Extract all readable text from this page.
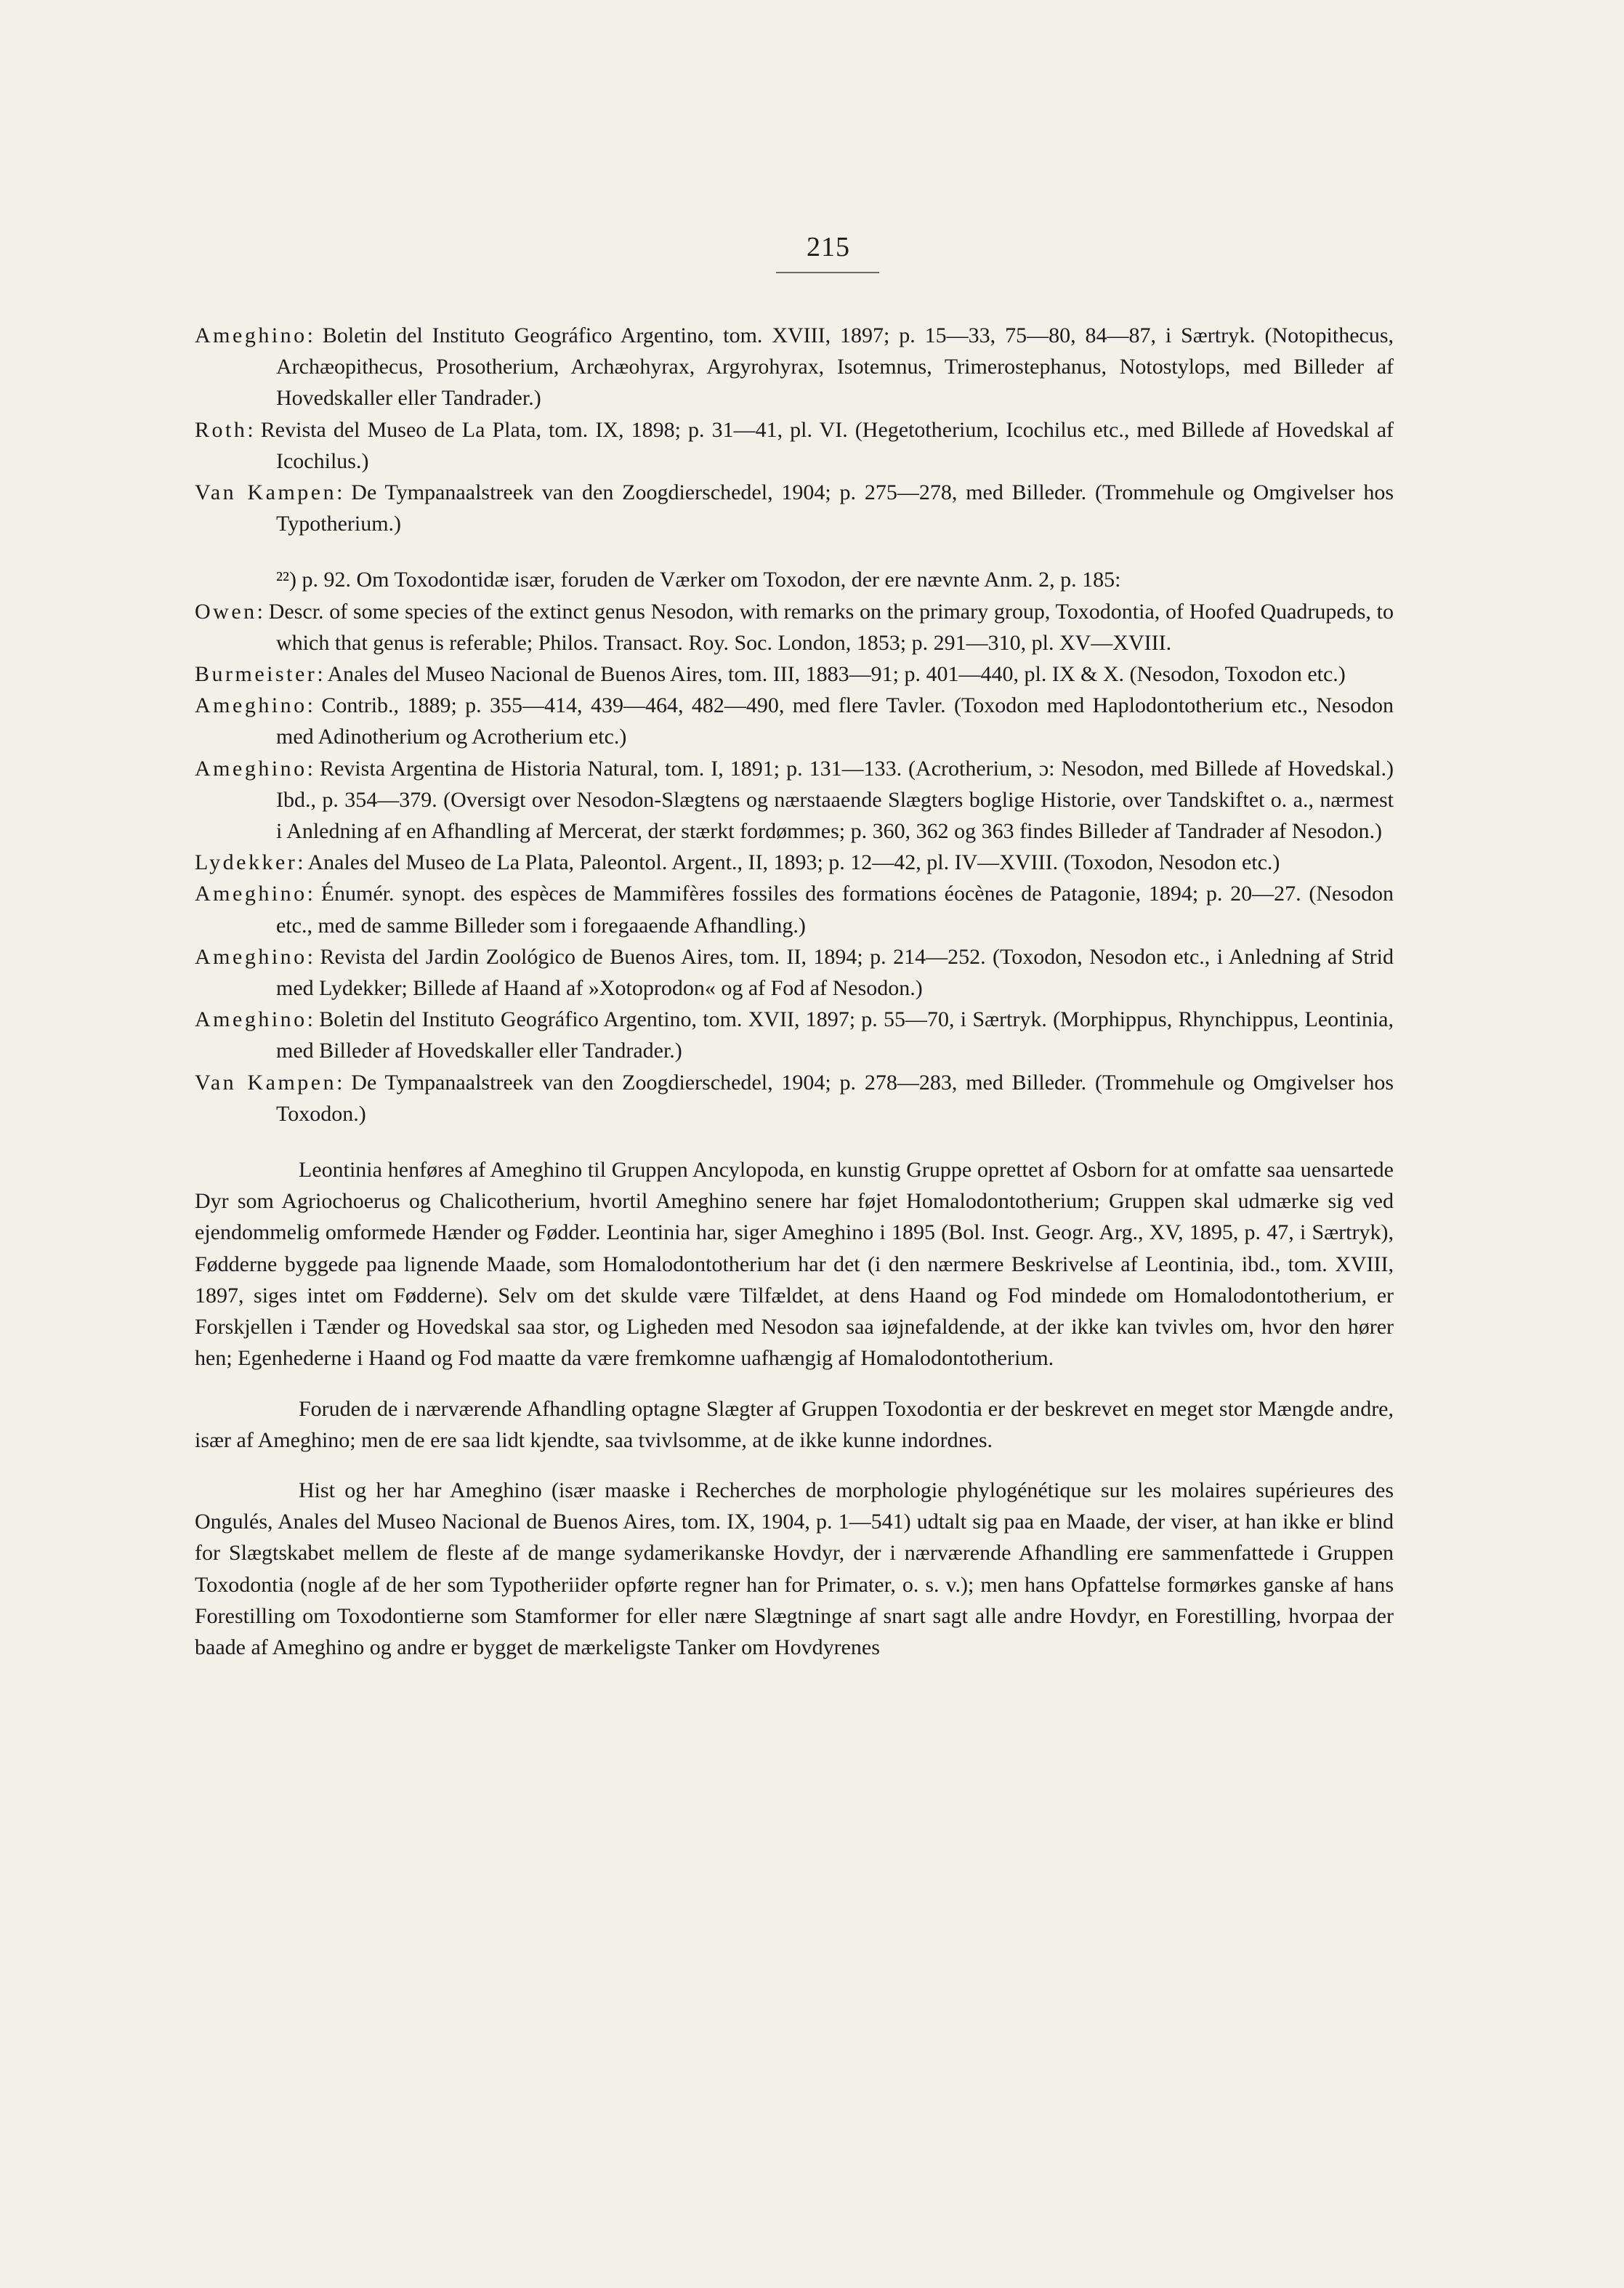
215

Ameghino: Boletin del Instituto Geográfico Argentino, tom. XVIII, 1897; p. 15—33, 75—80, 84—87, i Særtryk. (Notopithecus, Archæopithecus, Prosotherium, Archæohyrax, Argyrohyrax, Isotemnus, Trimerostephanus, Notostylops, med Billeder af Hovedskaller eller Tandrader.)

Roth: Revista del Museo de La Plata, tom. IX, 1898; p. 31—41, pl. VI. (Hegetotherium, Icochilus etc., med Billede af Hovedskal af Icochilus.)

Van Kampen: De Tympanaalstreek van den Zoogdierschedel, 1904; p. 275—278, med Billeder. (Trommehule og Omgivelser hos Typotherium.)

²²) p. 92. Om Toxodontidæ især, foruden de Værker om Toxodon, der ere nævnte Anm. 2, p. 185:

Owen: Descr. of some species of the extinct genus Nesodon, with remarks on the primary group, Toxodontia, of Hoofed Quadrupeds, to which that genus is referable; Philos. Transact. Roy. Soc. London, 1853; p. 291—310, pl. XV—XVIII.

Burmeister: Anales del Museo Nacional de Buenos Aires, tom. III, 1883—91; p. 401—440, pl. IX & X. (Nesodon, Toxodon etc.)

Ameghino: Contrib., 1889; p. 355—414, 439—464, 482—490, med flere Tavler. (Toxodon med Haplodontotherium etc., Nesodon med Adinotherium og Acrotherium etc.)

Ameghino: Revista Argentina de Historia Natural, tom. I, 1891; p. 131—133. (Acrotherium, ɔ: Nesodon, med Billede af Hovedskal.) Ibd., p. 354—379. (Oversigt over Nesodon-Slægtens og nærstaaende Slægters boglige Historie, over Tandskiftet o. a., nærmest i Anledning af en Afhandling af Mercerat, der stærkt fordømmes; p. 360, 362 og 363 findes Billeder af Tandrader af Nesodon.)

Lydekker: Anales del Museo de La Plata, Paleontol. Argent., II, 1893; p. 12—42, pl. IV—XVIII. (Toxodon, Nesodon etc.)

Ameghino: Énumér. synopt. des espèces de Mammifères fossiles des formations éocènes de Patagonie, 1894; p. 20—27. (Nesodon etc., med de samme Billeder som i foregaaende Afhandling.)

Ameghino: Revista del Jardin Zoológico de Buenos Aires, tom. II, 1894; p. 214—252. (Toxodon, Nesodon etc., i Anledning af Strid med Lydekker; Billede af Haand af »Xotoprodon« og af Fod af Nesodon.)

Ameghino: Boletin del Instituto Geográfico Argentino, tom. XVII, 1897; p. 55—70, i Særtryk. (Morphippus, Rhynchippus, Leontinia, med Billeder af Hovedskaller eller Tandrader.)

Van Kampen: De Tympanaalstreek van den Zoogdierschedel, 1904; p. 278—283, med Billeder. (Trommehule og Omgivelser hos Toxodon.)

Leontinia henføres af Ameghino til Gruppen Ancylopoda, en kunstig Gruppe oprettet af Osborn for at omfatte saa uensartede Dyr som Agriochoerus og Chalicotherium, hvortil Ameghino senere har føjet Homalodontotherium; Gruppen skal udmærke sig ved ejendommelig omformede Hænder og Fødder. Leontinia har, siger Ameghino i 1895 (Bol. Inst. Geogr. Arg., XV, 1895, p. 47, i Særtryk), Fødderne byggede paa lignende Maade, som Homalodontotherium har det (i den nærmere Beskrivelse af Leontinia, ibd., tom. XVIII, 1897, siges intet om Fødderne). Selv om det skulde være Tilfældet, at dens Haand og Fod mindede om Homalodontotherium, er Forskjellen i Tænder og Hovedskal saa stor, og Ligheden med Nesodon saa iøjnefaldende, at der ikke kan tvivles om, hvor den hører hen; Egenhederne i Haand og Fod maatte da være fremkomne uafhængig af Homalodontotherium.

Foruden de i nærværende Afhandling optagne Slægter af Gruppen Toxodontia er der beskrevet en meget stor Mængde andre, især af Ameghino; men de ere saa lidt kjendte, saa tvivlsomme, at de ikke kunne indordnes.

Hist og her har Ameghino (især maaske i Recherches de morphologie phylogénétique sur les molaires supérieures des Ongulés, Anales del Museo Nacional de Buenos Aires, tom. IX, 1904, p. 1—541) udtalt sig paa en Maade, der viser, at han ikke er blind for Slægtskabet mellem de fleste af de mange sydamerikanske Hovdyr, der i nærværende Afhandling ere sammenfattede i Gruppen Toxodontia (nogle af de her som Typotheriider opførte regner han for Primater, o. s. v.); men hans Opfattelse formørkes ganske af hans Forestilling om Toxodontierne som Stamformer for eller nære Slægtninge af snart sagt alle andre Hovdyr, en Forestilling, hvorpaa der baade af Ameghino og andre er bygget de mærkeligste Tanker om Hovdyrenes
